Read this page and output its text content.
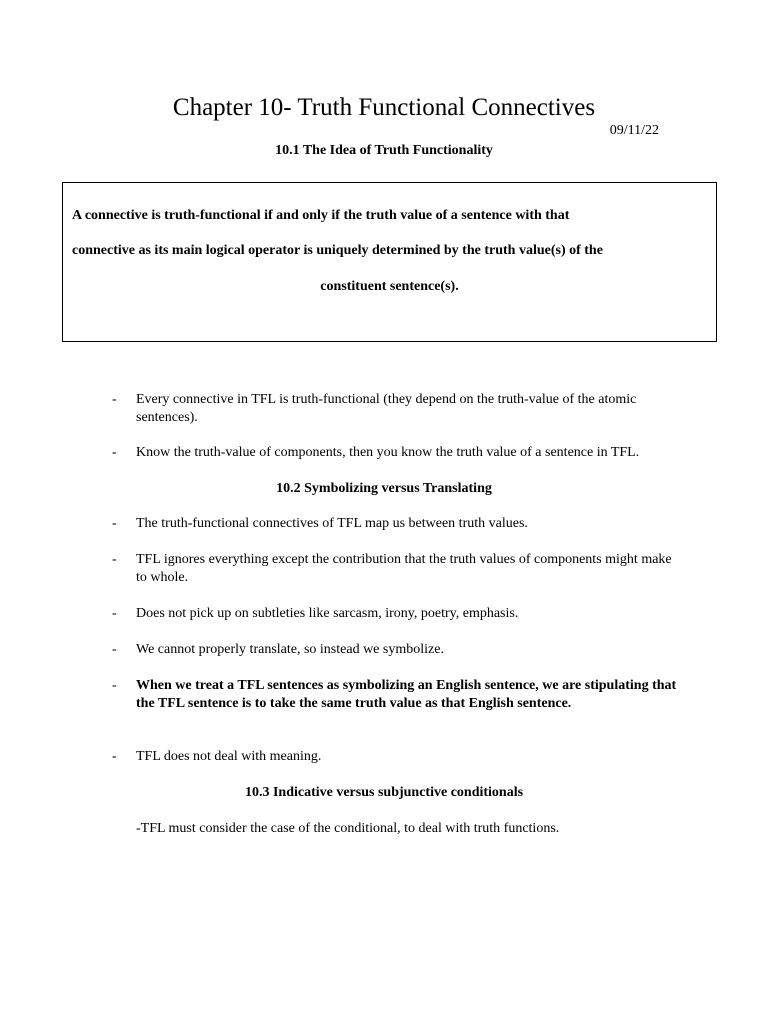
Chapter 10- Truth Functional Connectives
09/11/22
10.1 The Idea of Truth Functionality
A connective is truth-functional if and only if the truth value of a sentence with that
connective as its main logical operator is uniquely determined by the truth value(s) of the
constituent sentence(s).
- Every connective in TFL is truth-functional (they depend on the truth-value of the atomic sentences).
- Know the truth-value of components, then you know the truth value of a sentence in TFL.
10.2 Symbolizing versus Translating
- The truth-functional connectives of TFL map us between truth values.
- TFL ignores everything except the contribution that the truth values of components might make to whole.
- Does not pick up on subtleties like sarcasm, irony, poetry, emphasis.
- We cannot properly translate, so instead we symbolize.
- When we treat a TFL sentences as symbolizing an English sentence, we are stipulating that the TFL sentence is to take the same truth value as that English sentence.
- TFL does not deal with meaning.
10.3 Indicative versus subjunctive conditionals
-TFL must consider the case of the conditional, to deal with truth functions.
